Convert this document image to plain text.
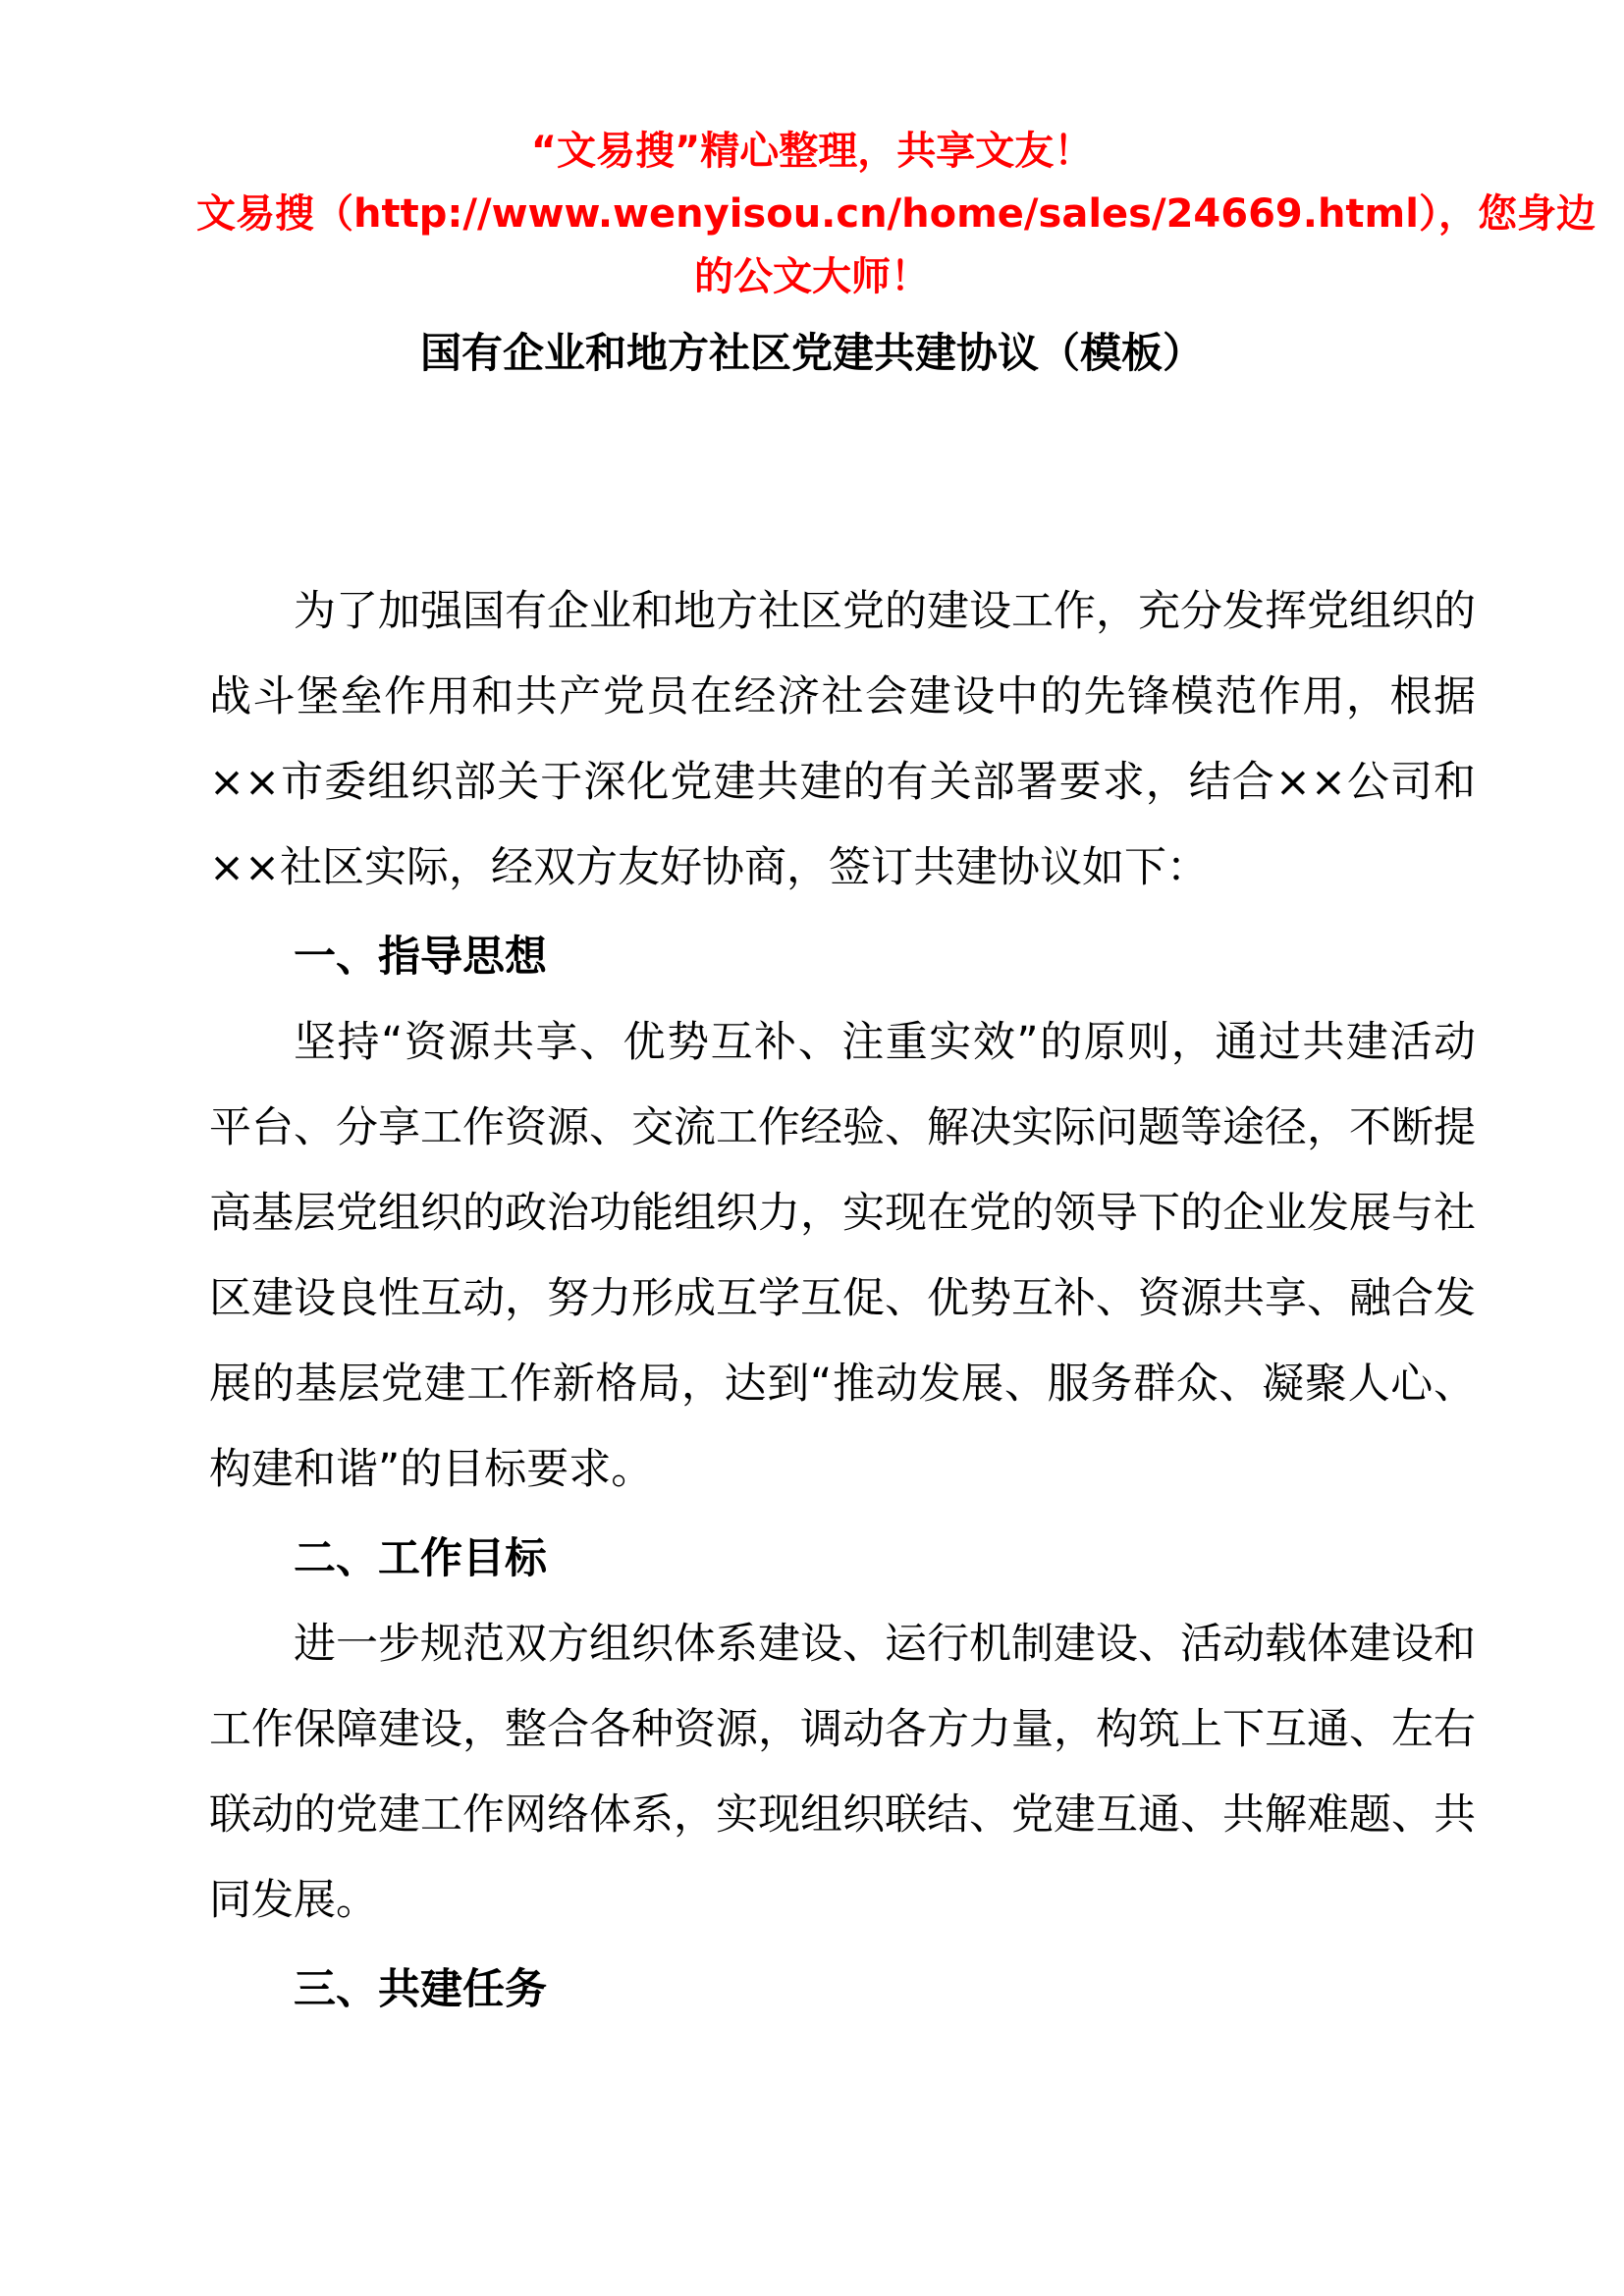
“文易搜”精心整理，共享文友！
文易搜（http://www.wenyisou.cn/home/sales/24669.html），您身边
的公文大师！
国有企业和地方社区党建共建协议（模板）

为了加强国有企业和地方社区党的建设工作，充分发挥党组织的战斗堡垒作用和共产党员在经济社会建设中的先锋模范作用，根据××市委组织部关于深化党建共建的有关部署要求，结合××公司和××社区实际，经双方友好协商，签订共建协议如下：

一、指导思想

坚持“资源共享、优势互补、注重实效”的原则，通过共建活动平台、分享工作资源、交流工作经验、解决实际问题等途径，不断提高基层党组织的政治功能组织力，实现在党的领导下的企业发展与社区建设良性互动，努力形成互学互促、优势互补、资源共享、融合发展的基层党建工作新格局，达到“推动发展、服务群众、凝聚人心、构建和谐”的目标要求。

二、工作目标

进一步规范双方组织体系建设、运行机制建设、活动载体建设和工作保障建设，整合各种资源，调动各方力量，构筑上下互通、左右联动的党建工作网络体系，实现组织联结、党建互通、共解难题、共同发展。

三、共建任务
